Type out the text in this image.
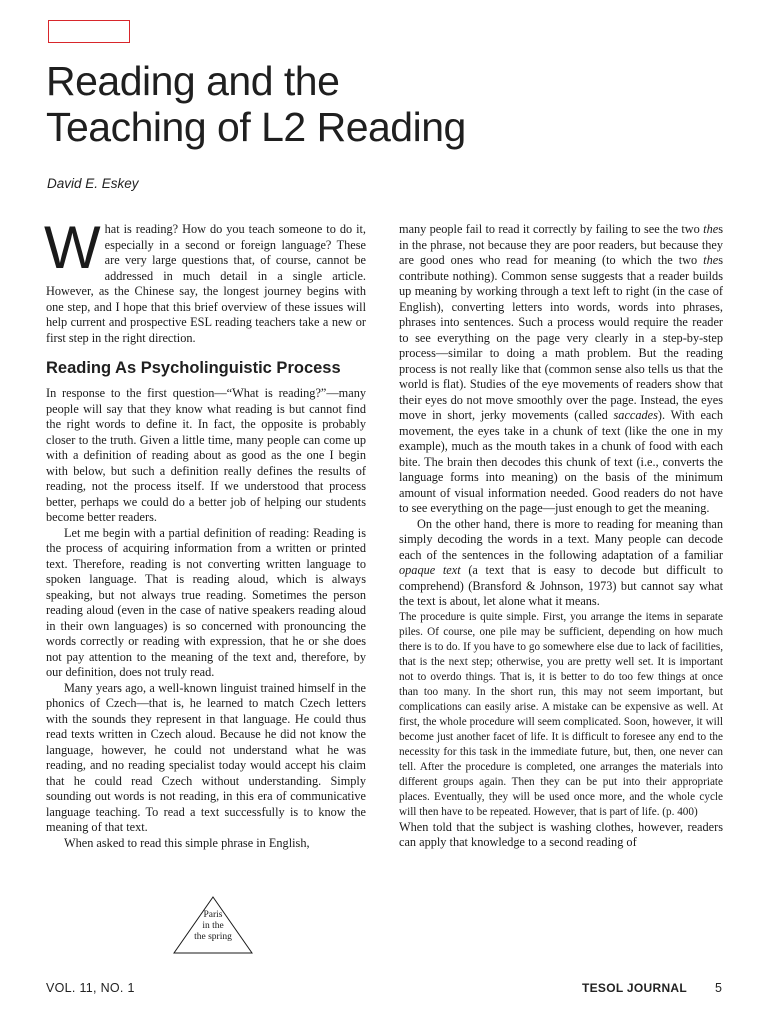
Reading and the
Teaching of L2 Reading
David E. Eskey

What is reading? How do you teach someone to do it, especially in a second or foreign language? These are very large questions that, of course, cannot be addressed in much detail in a single article. However, as the Chinese say, the longest journey begins with one step, and I hope that this brief overview of these issues will help current and prospective ESL reading teachers take a new or first step in the right direction.

Reading As Psycholinguistic Process

In response to the first question—“What is reading?”—many people will say that they know what reading is but cannot find the right words to define it. In fact, the opposite is probably closer to the truth. Given a little time, many people can come up with a definition of reading about as good as the one I begin with below, but such a definition really defines the results of reading, not the process itself. If we understood that process better, perhaps we could do a better job of helping our students become better readers.

Let me begin with a partial definition of reading: Reading is the process of acquiring information from a written or printed text. Therefore, reading is not converting written language to spoken language. That is reading aloud, which is always speaking, but not always true reading. Sometimes the person reading aloud (even in the case of native speakers reading aloud in their own languages) is so concerned with pronouncing the words correctly or reading with expression, that he or she does not pay attention to the meaning of the text and, therefore, by our definition, does not truly read.

Many years ago, a well-known linguist trained himself in the phonics of Czech—that is, he learned to match Czech letters with the sounds they represent in that language. He could thus read texts written in Czech aloud. Because he did not know the language, however, he could not understand what he was reading, and no reading specialist today would accept his claim that he could read Czech without understanding. Simply sounding out words is not reading, in this era of communicative language teaching. To read a text successfully is to know the meaning of that text.

When asked to read this simple phrase in English,

Paris
in the
the spring

many people fail to read it correctly by failing to see the two thes in the phrase, not because they are poor readers, but because they are good ones who read for meaning (to which the two thes contribute nothing). Common sense suggests that a reader builds up meaning by working through a text left to right (in the case of English), converting letters into words, words into phrases, phrases into sentences. Such a process would require the reader to see everything on the page very clearly in a step-by-step process—similar to doing a math problem. But the reading process is not really like that (common sense also tells us that the world is flat). Studies of the eye movements of readers show that their eyes do not move smoothly over the page. Instead, the eyes move in short, jerky movements (called saccades). With each movement, the eyes take in a chunk of text (like the one in my example), much as the mouth takes in a chunk of food with each bite. The brain then decodes this chunk of text (i.e., converts the language forms into meaning) on the basis of the minimum amount of visual information needed. Good readers do not have to see everything on the page—just enough to get the meaning.

On the other hand, there is more to reading for meaning than simply decoding the words in a text. Many people can decode each of the sentences in the following adaptation of a familiar opaque text (a text that is easy to decode but difficult to comprehend) (Bransford & Johnson, 1973) but cannot say what the text is about, let alone what it means.

The procedure is quite simple. First, you arrange the items in separate piles. Of course, one pile may be sufficient, depending on how much there is to do. If you have to go somewhere else due to lack of facilities, that is the next step; otherwise, you are pretty well set. It is important not to overdo things. That is, it is better to do too few things at once than too many. In the short run, this may not seem important, but complications can easily arise. A mistake can be expensive as well. At first, the whole procedure will seem complicated. Soon, however, it will become just another facet of life. It is difficult to foresee any end to the necessity for this task in the immediate future, but, then, one never can tell. After the procedure is completed, one arranges the materials into different groups again. Then they can be put into their appropriate places. Eventually, they will be used once more, and the whole cycle will then have to be repeated. However, that is part of life. (p. 400)

When told that the subject is washing clothes, however, readers can apply that knowledge to a second reading of

VOL. 11, NO. 1	TESOL JOURNAL 5
